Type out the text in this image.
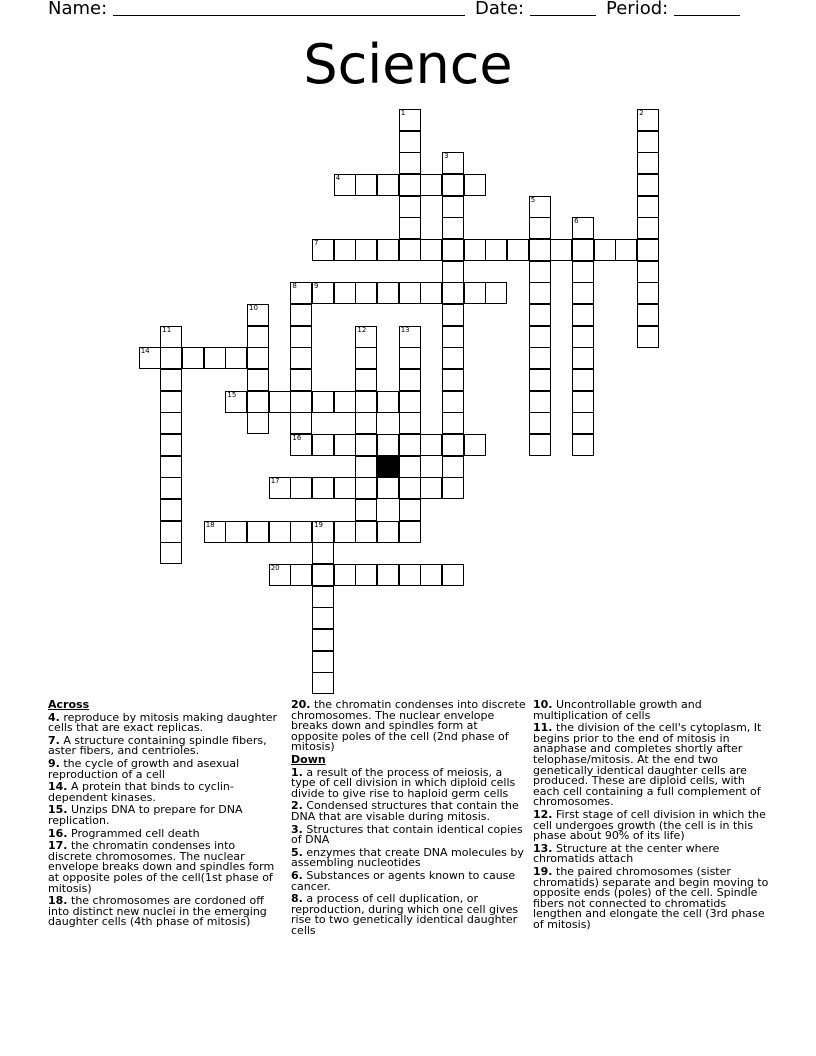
Name:	Date:	Period:
Science
1	2
3
4
5
6
7
8 9
10
11	12	13
14
15
16
17
18	19
20
Across
4. reproduce by mitosis making daughter cells that are exact replicas.
7. A structure containing spindle fibers, aster fibers, and centrioles.
9. the cycle of growth and asexual reproduction of a cell
14. A protein that binds to cyclin-dependent kinases.
15. Unzips DNA to prepare for DNA replication.
16. Programmed cell death
17. the chromatin condenses into discrete chromosomes. The nuclear envelope breaks down and spindles form at opposite poles of the cell(1st phase of mitosis)
18. the chromosomes are cordoned off into distinct new nuclei in the emerging daughter cells (4th phase of mitosis)
20. the chromatin condenses into discrete chromosomes. The nuclear envelope breaks down and spindles form at opposite poles of the cell (2nd phase of mitosis)
Down
1. a result of the process of meiosis, a type of cell division in which diploid cells divide to give rise to haploid germ cells
2. Condensed structures that contain the DNA that are visable during mitosis.
3. Structures that contain identical copies of DNA
5. enzymes that create DNA molecules by assembling nucleotides
6. Substances or agents known to cause cancer.
8. a process of cell duplication, or reproduction, during which one cell gives rise to two genetically identical daughter cells
10. Uncontrollable growth and multiplication of cells
11. the division of the cell's cytoplasm, It begins prior to the end of mitosis in anaphase and completes shortly after telophase/mitosis. At the end two genetically identical daughter cells are produced. These are diploid cells, with each cell containing a full complement of chromosomes.
12. First stage of cell division in which the cell undergoes growth (the cell is in this phase about 90% of its life)
13. Structure at the center where chromatids attach
19. the paired chromosomes (sister chromatids) separate and begin moving to opposite ends (poles) of the cell. Spindle fibers not connected to chromatids lengthen and elongate the cell (3rd phase of mitosis)
